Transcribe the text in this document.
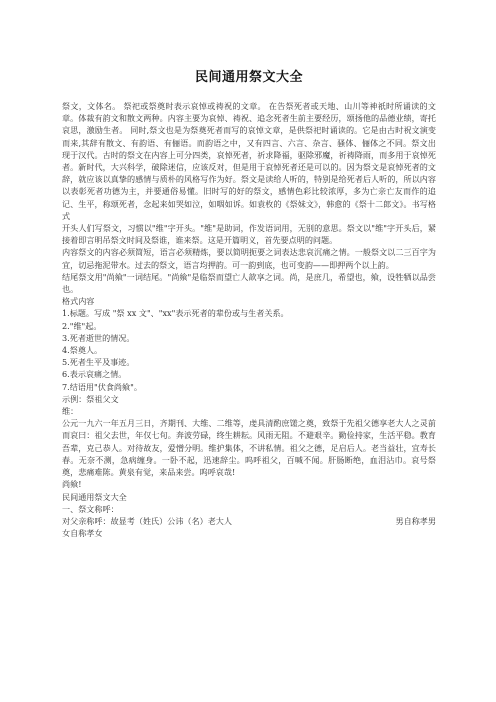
民间通用祭文大全

祭文，文体名。 祭祀或祭奠时表示哀悼或祷祝的文章。 在告祭死者或天地、山川等神祇时所诵读的文章。体裁有韵文和散文两种。内容主要为哀悼、祷祝、追念死者生前主要经历，颂扬他的品德业绩，寄托哀思，激励生者。 同时,祭文也是为祭奠死者而写的哀悼文章，是供祭祀时诵读的。它是由古时祝文演变而来,其辞有散文、有韵语、有俪语。而韵语之中，又有四言、六言、杂言、骚体、俪体之不同。祭文出现于汉代。古时的祭文在内容上可分四类，哀悼死者，祈求降福，驱除邪魔，祈祷降雨，而多用于哀悼死者。新时代，大兴科学，破除迷信，应该反对，但是用于哀悼死者还是可以的。因为祭文是哀悼死者的文辞，就应该以真挚的感情与质朴的风格写作为好。祭文是读给人听的，特别是给死者后人听的，所以内容以表彰死者功德为主，并要通俗易懂。旧时写的好的祭文，感情色彩比较浓厚，多为亡亲亡友而作的追记、生平，称颂死者，念起来如哭如泣，如咽如诉。如袁枚的《祭妹文》，韩愈的《祭十二郎文》。书写格式

开头人们写祭文，习惯以"维"字开头。"维"是助词，作发语词用，无别的意思。祭文以"维"字开头后，紧接着即言明吊祭文时间及祭谁，谁来祭。这是开篇明义，首先要点明的问题。

内容祭文的内容必须简短，语言必须精炼，要以简明扼要之词表达悲哀沉痛之情。一般祭文以二三百字为宜，切忌拖泥带水。过去的祭文，语言均押韵。可一韵到底，也可变韵——即押两个以上韵。

结尾祭文用"尚飨"一词结尾。"尚飨"是临祭而望亡人歆享之词。尚，是庶几，希望也，飨，设牲牺以品尝也。

格式内容

1.标题。写成 "祭 xx 文"、"xx"表示死者的辈份或与生者关系。

2."维"起。

3.死者逝世的情况。

4.祭奠人。

5.死者生平及事迹。

6.表示哀痛之情。

7.结语用"伏食尚飨"。

示例：祭祖父文

维：

公元一九六一年五月三日，齐期刊、大维、二维等，虔具清酌庶馐之奠，致祭于先祖父德享老大人之灵前而哀曰：祖父去世，年仅七旬。奔波劳碌，终生耕耘。风雨无阻。不避艰辛。勤俭持家，生活平稳。教育吾辈，克己恭人。对待故友，爱憎分明。维护集体，不讲私情。祖父之德，足启后人。老当益壮，宜寿长春。无奈不测，急病缠身。一卧不起，迅速辞尘。呜呼祖父，百喊不闻。肝肠断绝，血泪沾巾。哀号祭奠，悲痛难陈。黄泉有觉，来品来尝。呜呼哀哉!

尚飨!

民间通用祭文大全

一、祭文称呼：

对父亲称呼：故显考（姓氏）公讳（名）老大人	男自称孝男

女自称孝女
